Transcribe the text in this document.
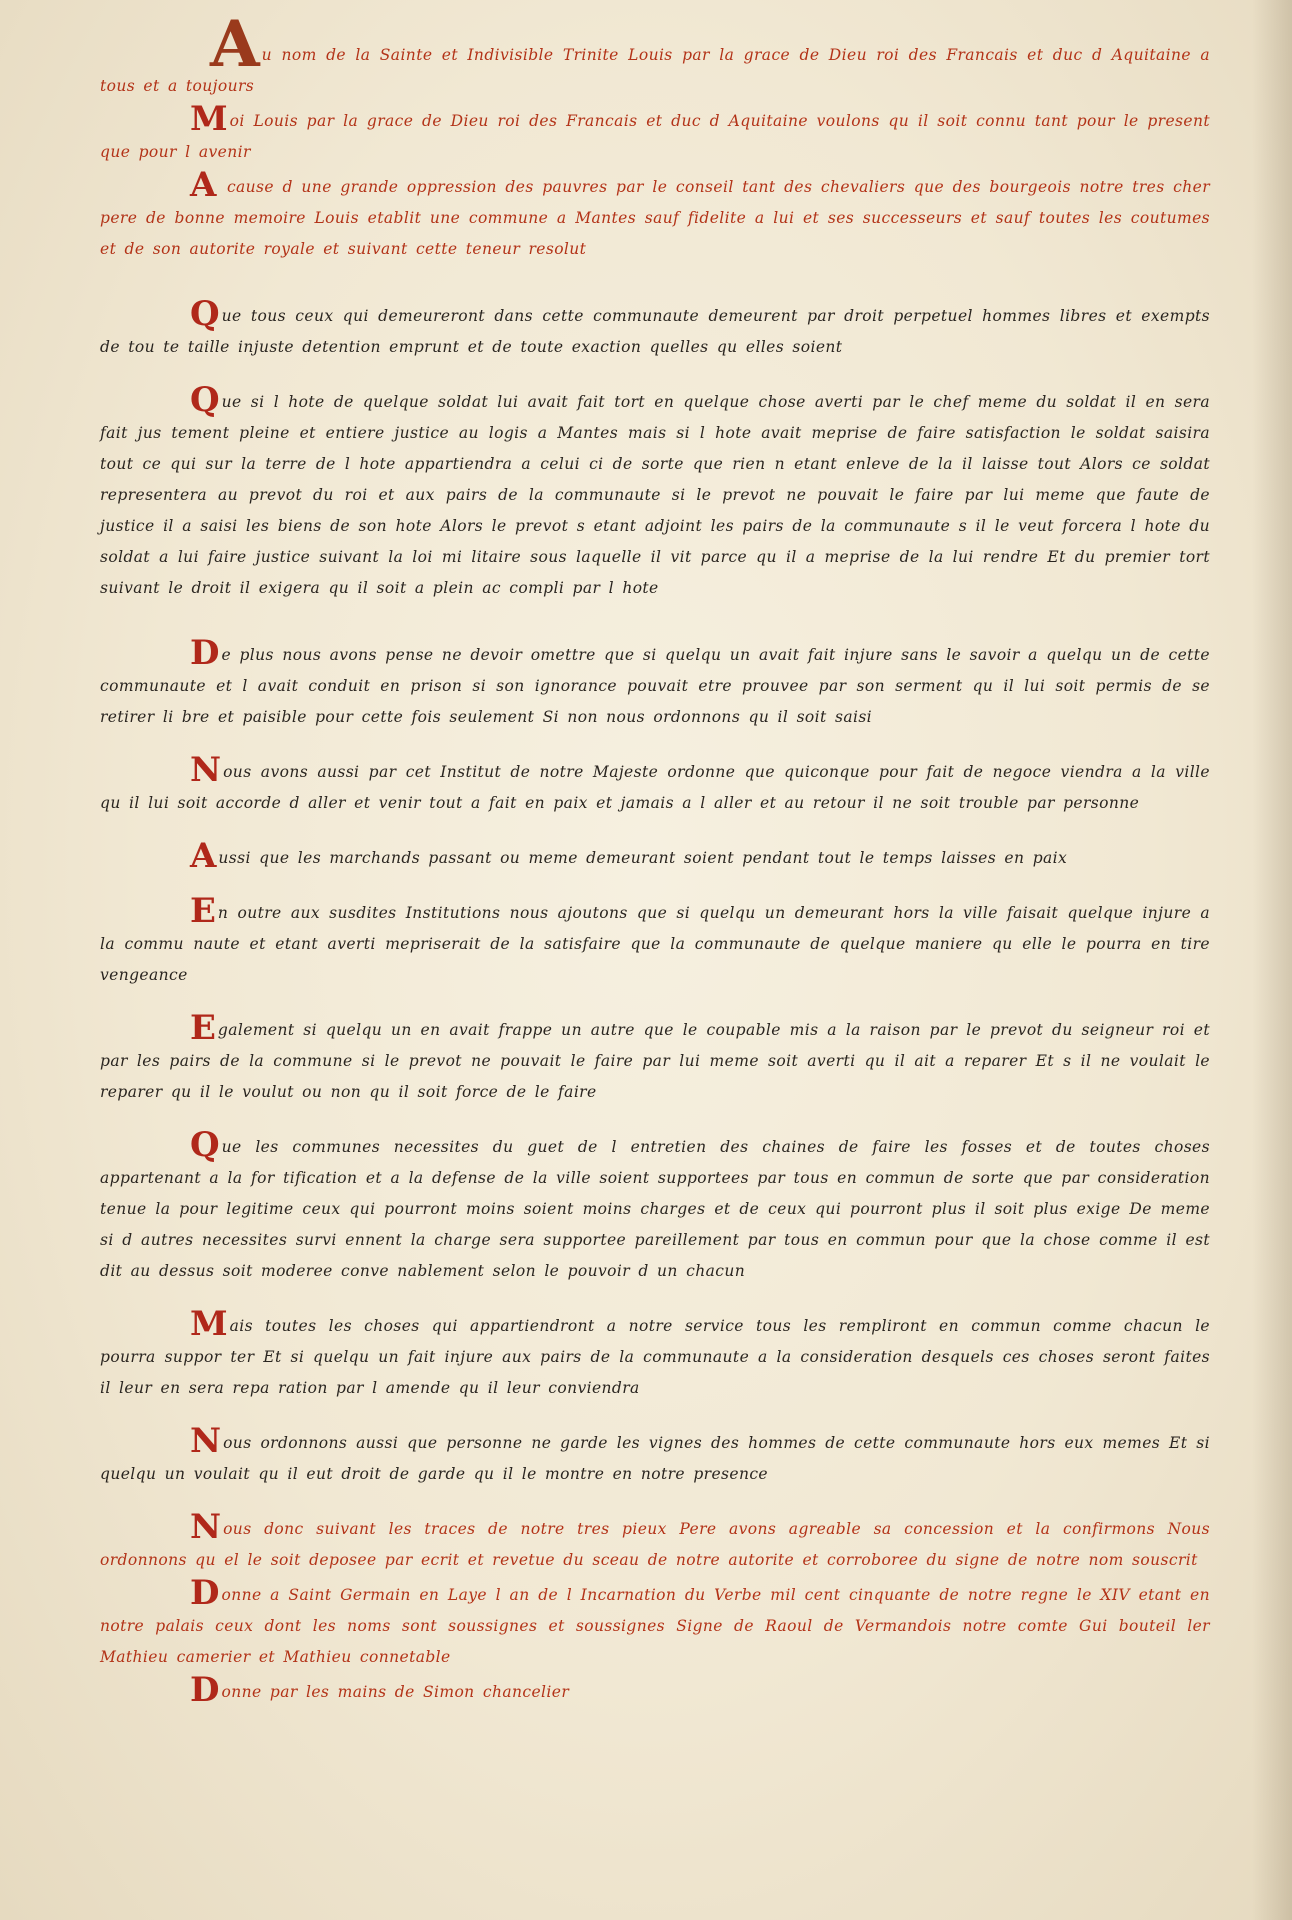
Au nom de la Sainte et Indivisible Trinite Louis par la grace de Dieu roi des Francais et duc d Aquitaine a tous et a toujours

Moi Louis par la grace de Dieu roi des Francais et duc d Aquitaine voulons qu il soit connu tant pour le present que pour l avenir

A cause d une grande oppression des pauvres par le conseil tant des chevaliers que des bourgeois notre tres cher pere de bonne memoire Louis etablit une commune a Mantes sauf fidelite a lui et ses successeurs et sauf toutes les coutumes et de son autorite royale et suivant cette teneur resolut

Que tous ceux qui demeureront dans cette communaute demeurent par droit perpetuel hommes libres et exempts de tou te taille injuste detention emprunt et de toute exaction quelles qu elles soient

Que si l hote de quelque soldat lui avait fait tort en quelque chose averti par le chef meme du soldat il en sera fait jus tement pleine et entiere justice au logis a Mantes mais si l hote avait meprise de faire satisfaction le soldat saisira tout ce qui sur la terre de l hote appartiendra a celui ci de sorte que rien n etant enleve de la il laisse tout Alors ce soldat representera au prevot du roi et aux pairs de la communaute si le prevot ne pouvait le faire par lui meme que faute de justice il a saisi les biens de son hote Alors le prevot s etant adjoint les pairs de la communaute s il le veut forcera l hote du soldat a lui faire justice suivant la loi mi litaire sous laquelle il vit parce qu il a meprise de la lui rendre Et du premier tort suivant le droit il exigera qu il soit a plein ac compli par l hote

De plus nous avons pense ne devoir omettre que si quelqu un avait fait injure sans le savoir a quelqu un de cette communaute et l avait conduit en prison si son ignorance pouvait etre prouvee par son serment qu il lui soit permis de se retirer li bre et paisible pour cette fois seulement Si non nous ordonnons qu il soit saisi

Nous avons aussi par cet Institut de notre Majeste ordonne que quiconque pour fait de negoce viendra a la ville qu il lui soit accorde d aller et venir tout a fait en paix et jamais a l aller et au retour il ne soit trouble par personne

Aussi que les marchands passant ou meme demeurant soient pendant tout le temps laisses en paix

En outre aux susdites Institutions nous ajoutons que si quelqu un demeurant hors la ville faisait quelque injure a la commu naute et etant averti mepriserait de la satisfaire que la communaute de quelque maniere qu elle le pourra en tire vengeance

Egalement si quelqu un en avait frappe un autre que le coupable mis a la raison par le prevot du seigneur roi et par les pairs de la commune si le prevot ne pouvait le faire par lui meme soit averti qu il ait a reparer Et s il ne voulait le reparer qu il le voulut ou non qu il soit force de le faire

Que les communes necessites du guet de l entretien des chaines de faire les fosses et de toutes choses appartenant a la for tification et a la defense de la ville soient supportees par tous en commun de sorte que par consideration tenue la pour legitime ceux qui pourront moins soient moins charges et de ceux qui pourront plus il soit plus exige De meme si d autres necessites survi ennent la charge sera supportee pareillement par tous en commun pour que la chose comme il est dit au dessus soit moderee conve nablement selon le pouvoir d un chacun

Mais toutes les choses qui appartiendront a notre service tous les rempliront en commun comme chacun le pourra suppor ter Et si quelqu un fait injure aux pairs de la communaute a la consideration desquels ces choses seront faites il leur en sera repa ration par l amende qu il leur conviendra

Nous ordonnons aussi que personne ne garde les vignes des hommes de cette communaute hors eux memes Et si quelqu un voulait qu il eut droit de garde qu il le montre en notre presence

Nous donc suivant les traces de notre tres pieux Pere avons agreable sa concession et la confirmons Nous ordonnons qu el le soit deposee par ecrit et revetue du sceau de notre autorite et corroboree du signe de notre nom souscrit

Donne a Saint Germain en Laye l an de l Incarnation du Verbe mil cent cinquante de notre regne le XIV etant en notre palais ceux dont les noms sont soussignes et soussignes Signe de Raoul de Vermandois notre comte Gui bouteil ler Mathieu camerier et Mathieu connetable

Donne par les mains de Simon chancelier
